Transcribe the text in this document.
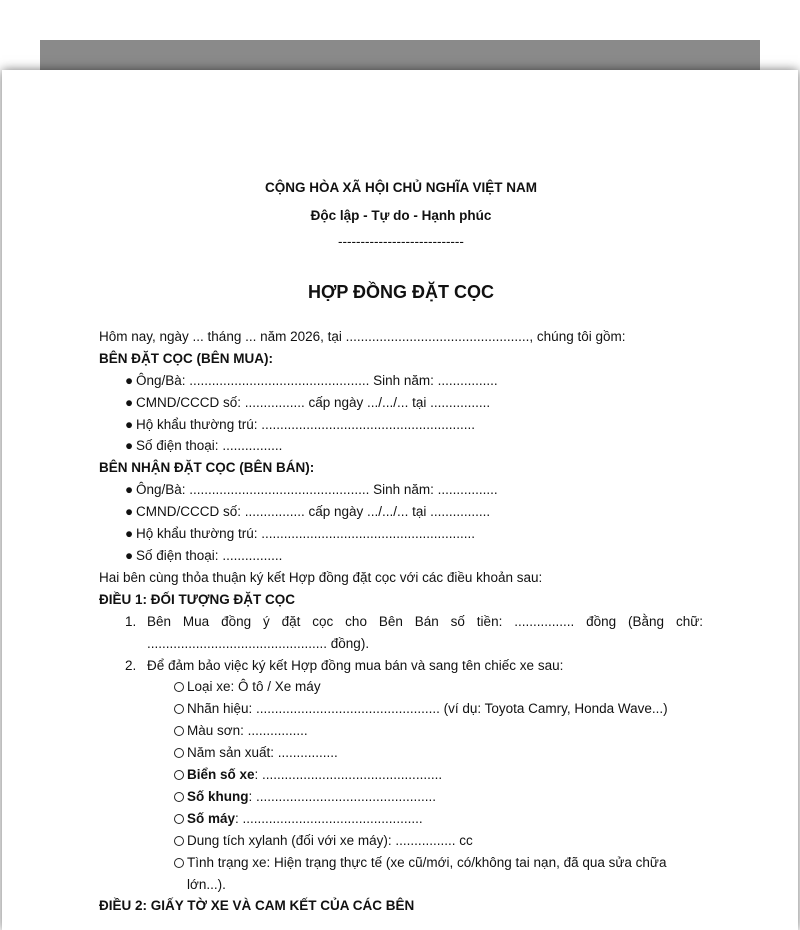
CỘNG HÒA XÃ HỘI CHỦ NGHĨA VIỆT NAM
Độc lập - Tự do - Hạnh phúc
----------------------------
HỢP ĐỒNG ĐẶT CỌC
Hôm nay, ngày ... tháng ... năm 2026, tại ................................................., chúng tôi gồm:
BÊN ĐẶT CỌC (BÊN MUA):
● Ông/Bà: ................................................ Sinh năm: ................
● CMND/CCCD số: ................ cấp ngày .../.../... tại ................
● Hộ khẩu thường trú: .........................................................
● Số điện thoại: ................
BÊN NHẬN ĐẶT CỌC (BÊN BÁN):
● Ông/Bà: ................................................ Sinh năm: ................
● CMND/CCCD số: ................ cấp ngày .../.../... tại ................
● Hộ khẩu thường trú: .........................................................
● Số điện thoại: ................
Hai bên cùng thỏa thuận ký kết Hợp đồng đặt cọc với các điều khoản sau:
ĐIỀU 1: ĐỐI TƯỢNG ĐẶT CỌC
1. Bên Mua đồng ý đặt cọc cho Bên Bán số tiền: ................ đồng (Bằng chữ: ................................................ đồng).
2. Để đảm bảo việc ký kết Hợp đồng mua bán và sang tên chiếc xe sau:
Loại xe: Ô tô / Xe máy
Nhãn hiệu: ................................................. (ví dụ: Toyota Camry, Honda Wave...)
Màu sơn: ................
Năm sản xuất: ................
Biển số xe: ................................................
Số khung: ................................................
Số máy: ................................................
Dung tích xylanh (đối với xe máy): ................ cc
Tình trạng xe: Hiện trạng thực tế (xe cũ/mới, có/không tai nạn, đã qua sửa chữa lớn...).
ĐIỀU 2: GIẤY TỜ XE VÀ CAM KẾT CỦA CÁC BÊN
